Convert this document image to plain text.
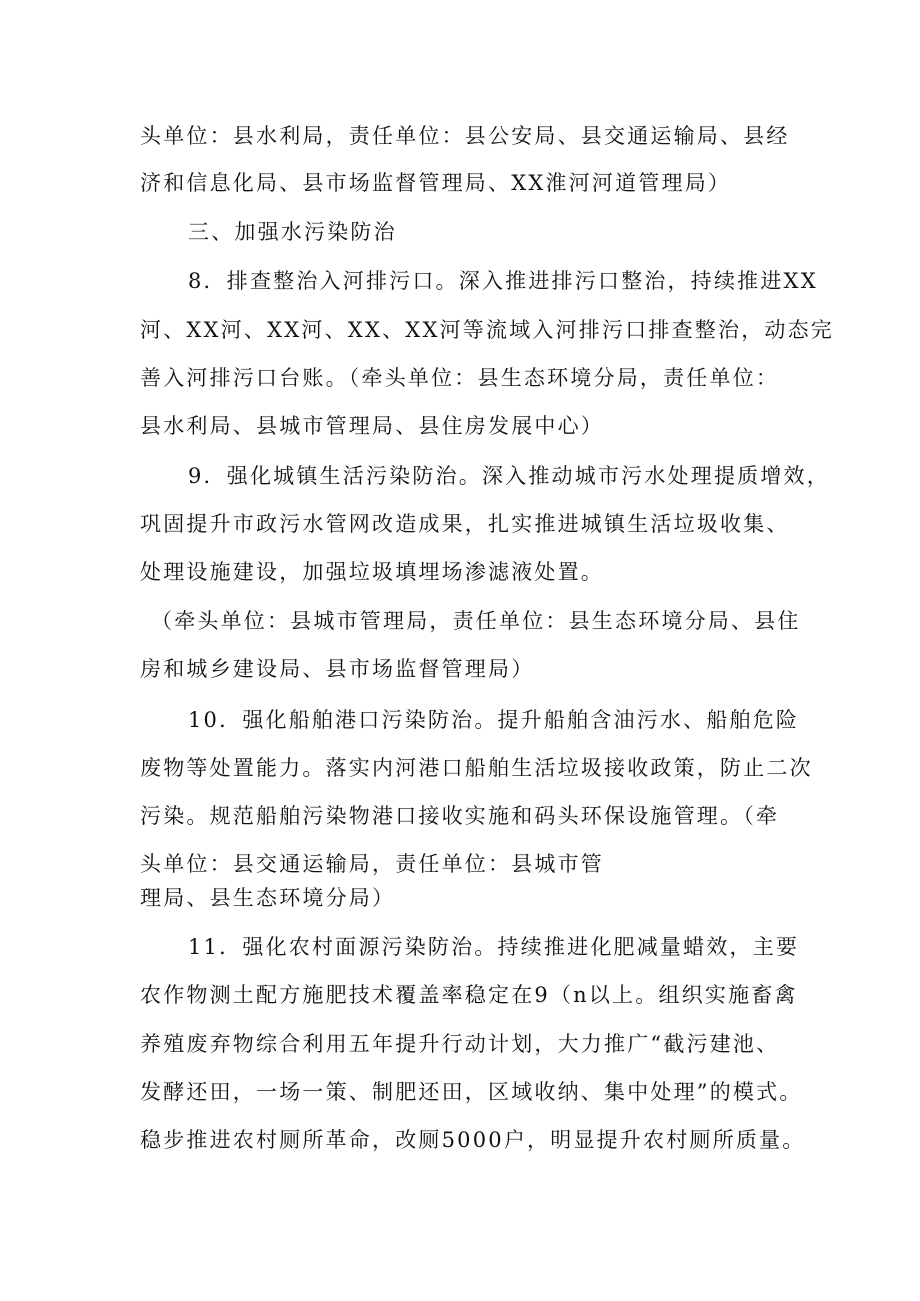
头单位：县水利局，责任单位：县公安局、县交通运输局、县经
济和信息化局、县市场监督管理局、XX淮河河道管理局）
三、加强水污染防治
8．排查整治入河排污口。深入推进排污口整治，持续推进XX
河、XX河、XX河、XX、XX河等流域入河排污口排查整治，动态完
善入河排污口台账。（牵头单位：县生态环境分局，责任单位：
县水利局、县城市管理局、县住房发展中心）
9．强化城镇生活污染防治。深入推动城市污水处理提质增效，
巩固提升市政污水管网改造成果，扎实推进城镇生活垃圾收集、
处理设施建设，加强垃圾填埋场渗滤液处置。
（牵头单位：县城市管理局，责任单位：县生态环境分局、县住
房和城乡建设局、县市场监督管理局）
10．强化船舶港口污染防治。提升船舶含油污水、船舶危险
废物等处置能力。落实内河港口船舶生活垃圾接收政策，防止二次
污染。规范船舶污染物港口接收实施和码头环保设施管理。（牵
头单位：县交通运输局，责任单位：县城市管
理局、县生态环境分局）
11．强化农村面源污染防治。持续推进化肥减量蜡效，主要
农作物测土配方施肥技术覆盖率稳定在9（n以上。组织实施畜禽
养殖废弃物综合利用五年提升行动计划，大力推广“截污建池、
发酵还田，一场一策、制肥还田，区域收纳、集中处理”的模式。
稳步推进农村厕所革命，改厕5000户，明显提升农村厕所质量。
